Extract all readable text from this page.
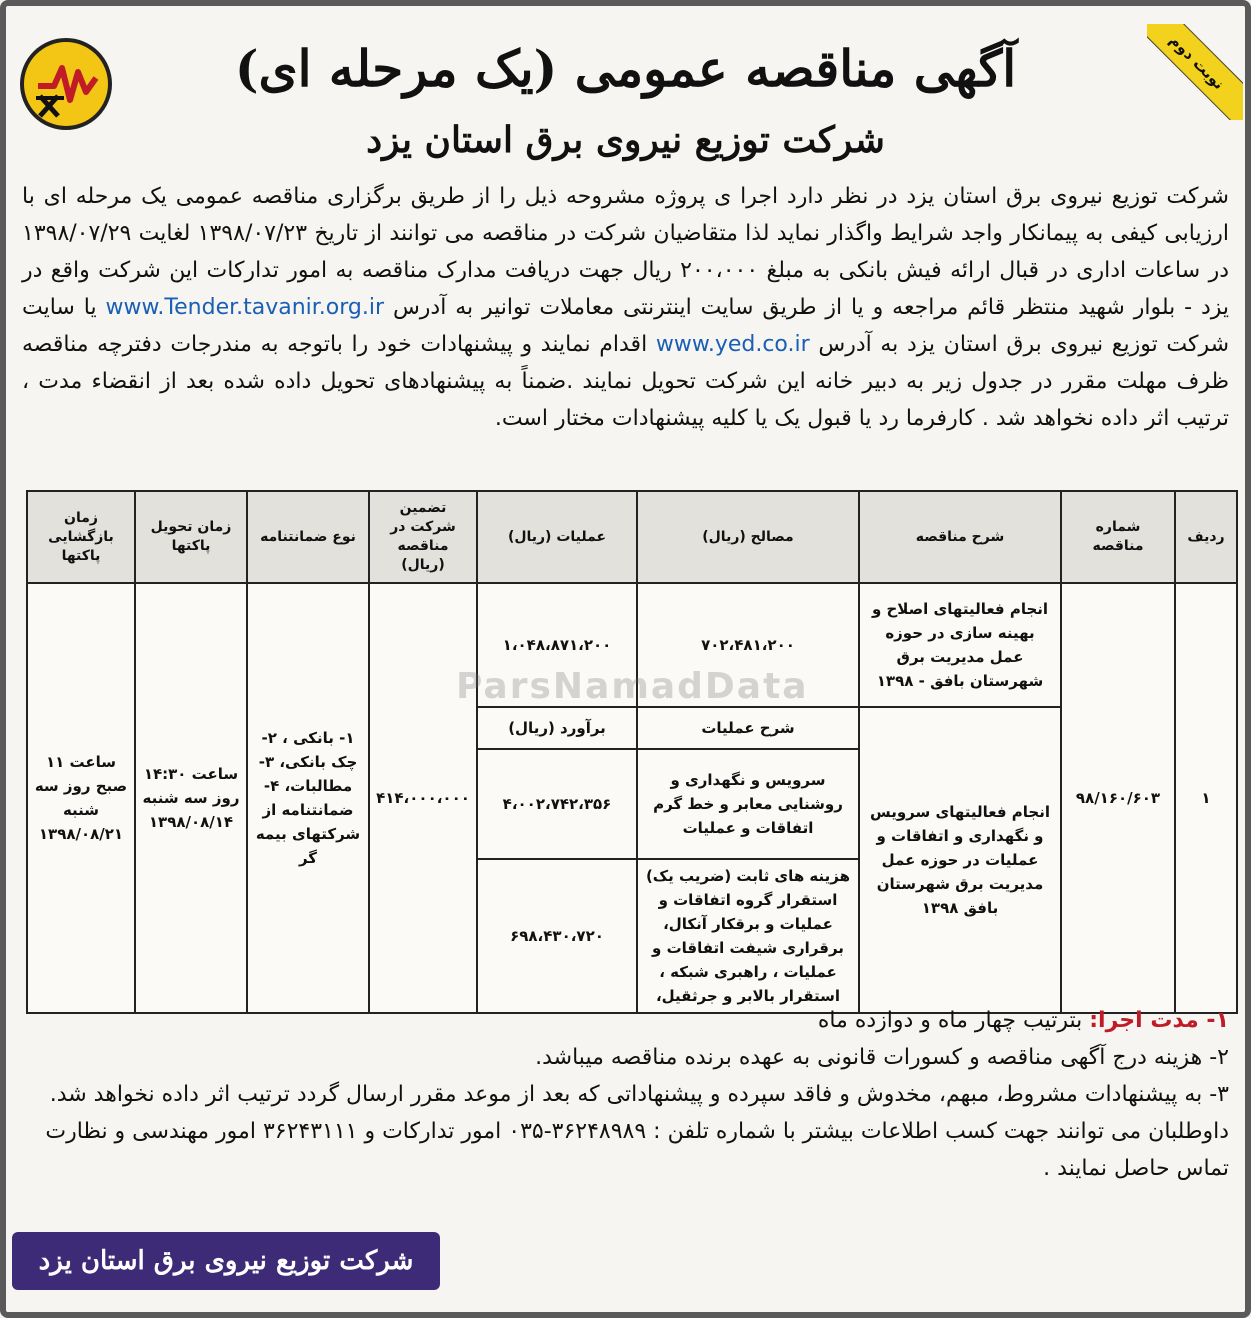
نوبت دوم
آگهی مناقصه عمومی (یک مرحله ای)
شرکت توزیع نیروی برق استان یزد
شرکت توزیع نیروی برق استان یزد در نظر دارد اجرا ی پروژه مشروحه ذیل را از طریق برگزاری مناقصه عمومی یک مرحله ای با ارزیابی کیفی به پیمانکار واجد شرایط واگذار نماید لذا متقاضیان شرکت در مناقصه می توانند از تاریخ ۱۳۹۸/۰۷/۲۳ لغایت ۱۳۹۸/۰۷/۲۹ در ساعات اداری در قبال ارائه فیش بانکی به مبلغ ۲۰۰،۰۰۰ ریال جهت دریافت مدارک مناقصه به امور تدارکات این شرکت واقع در یزد - بلوار شهید منتظر قائم مراجعه و یا از طریق سایت اینترنتی معاملات توانیر به آدرس www.Tender.tavanir.org.ir یا سایت شرکت توزیع نیروی برق استان یزد به آدرس www.yed.co.ir اقدام نمایند و پیشنهادات خود را باتوجه به مندرجات دفترچه مناقصه ظرف مهلت مقرر در جدول زیر به دبیر خانه این شرکت تحویل نمایند .ضمناً به پیشنهادهای تحویل داده شده بعد از انقضاء مدت ، ترتیب اثر داده نخواهد شد . کارفرما رد یا قبول یک یا کلیه پیشنهادات مختار است.
ردیف	شماره مناقصه	شرح مناقصه	مصالح (ریال)	عملیات (ریال)	تضمین شرکت در مناقصه (ریال)	نوع ضمانتنامه	زمان تحویل پاکتها	زمان بازگشایی پاکتها
۱	۹۸/۱۶۰/۶۰۳	انجام فعالیتهای اصلاح و بهینه سازی در حوزه عمل مدیریت برق شهرستان بافق - ۱۳۹۸	۷۰۲،۴۸۱،۲۰۰	۱،۰۴۸،۸۷۱،۲۰۰	۴۱۴،۰۰۰،۰۰۰	۱- بانکی ، ۲-چک بانکی، ۳-مطالبات، ۴- ضمانتنامه از شرکتهای بیمه گر	ساعت ۱۴:۳۰ روز سه شنبه ۱۳۹۸/۰۸/۱۴	ساعت ۱۱ صبح روز سه شنبه ۱۳۹۸/۰۸/۲۱
		انجام فعالیتهای سرویس و نگهداری و اتفاقات و عملیات در حوزه عمل مدیریت برق شهرستان بافق ۱۳۹۸	شرح عملیات	برآورد (ریال)				
			سرویس و نگهداری و روشنایی معابر و خط گرم اتفاقات و عملیات	۴،۰۰۲،۷۴۲،۳۵۶				
			هزینه های ثابت (ضریب یک) استقرار گروه اتفاقات و عملیات و برقکار آنکال، برقراری شیفت اتفاقات و عملیات ، راهبری شبکه ، استقرار بالابر و جرثقیل،	۶۹۸،۴۳۰،۷۲۰				
ParsNamadData
۱- مدت اجرا: بترتیب چهار ماه و دوازده ماه
۲- هزینه درج آگهی مناقصه و کسورات قانونی به عهده برنده مناقصه میباشد.
۳- به پیشنهادات مشروط، مبهم، مخدوش و فاقد سپرده و پیشنهاداتی که بعد از موعد مقرر ارسال گردد ترتیب اثر داده نخواهد شد.
داوطلبان می توانند جهت کسب اطلاعات بیشتر با شماره تلفن : ۳۶۲۴۸۹۸۹-۰۳۵ امور تدارکات و ۳۶۲۴۳۱۱۱ امور مهندسی و نظارت تماس حاصل نمایند .
شرکت توزیع نیروی برق استان یزد
